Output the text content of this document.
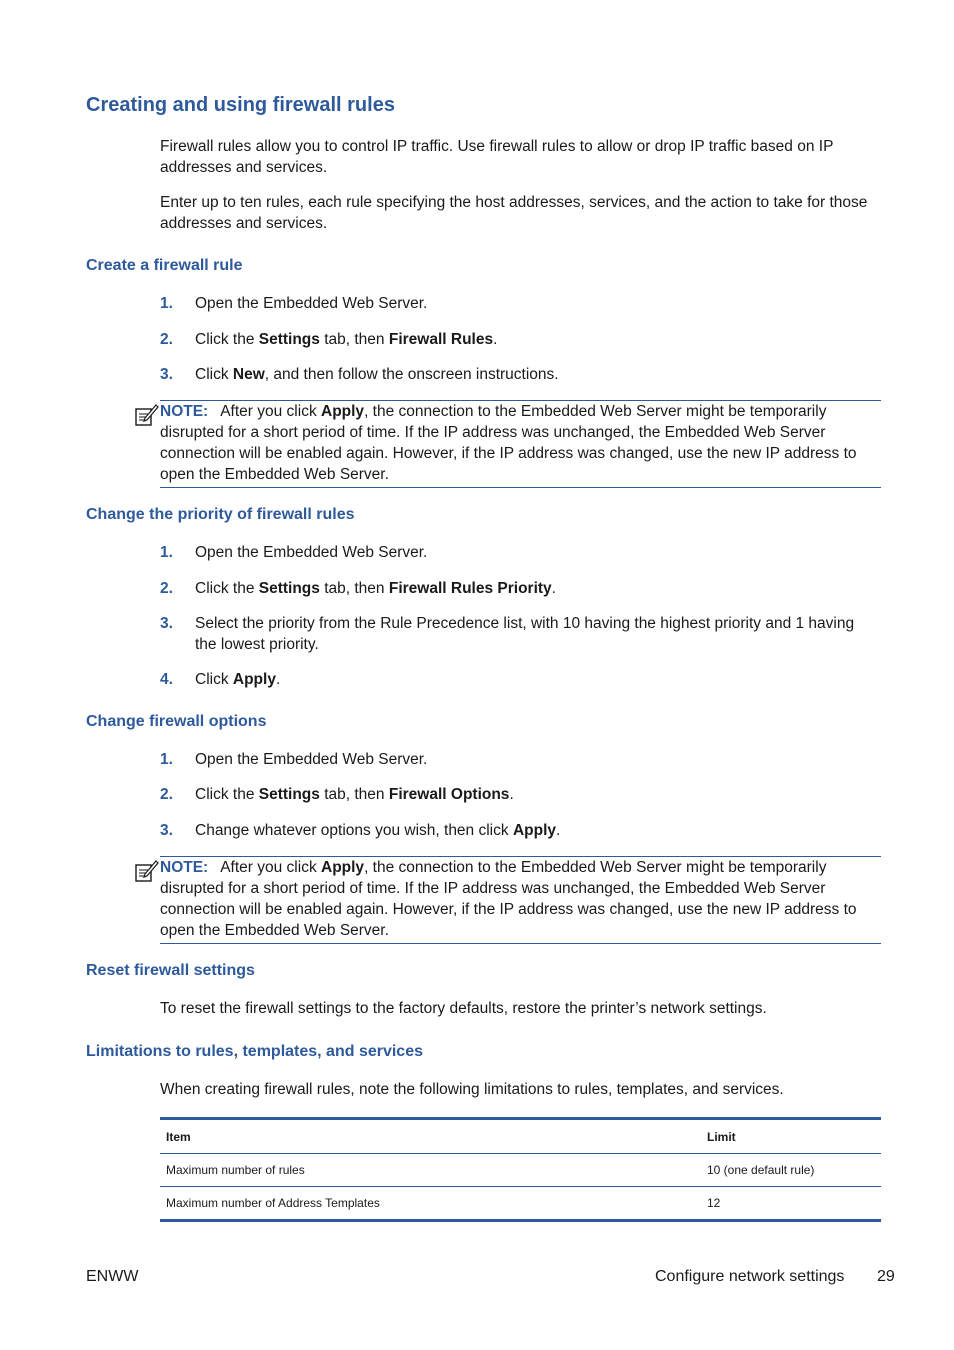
Creating and using firewall rules

Firewall rules allow you to control IP traffic. Use firewall rules to allow or drop IP traffic based on IP addresses and services.

Enter up to ten rules, each rule specifying the host addresses, services, and the action to take for those addresses and services.

Create a firewall rule
1. Open the Embedded Web Server.
2. Click the Settings tab, then Firewall Rules.
3. Click New, and then follow the onscreen instructions.
NOTE: After you click Apply, the connection to the Embedded Web Server might be temporarily disrupted for a short period of time. If the IP address was unchanged, the Embedded Web Server connection will be enabled again. However, if the IP address was changed, use the new IP address to open the Embedded Web Server.
Change the priority of firewall rules
1. Open the Embedded Web Server.
2. Click the Settings tab, then Firewall Rules Priority.
3. Select the priority from the Rule Precedence list, with 10 having the highest priority and 1 having the lowest priority.
4. Click Apply.
Change firewall options
1. Open the Embedded Web Server.
2. Click the Settings tab, then Firewall Options.
3. Change whatever options you wish, then click Apply.
NOTE: After you click Apply, the connection to the Embedded Web Server might be temporarily disrupted for a short period of time. If the IP address was unchanged, the Embedded Web Server connection will be enabled again. However, if the IP address was changed, use the new IP address to open the Embedded Web Server.
Reset firewall settings

To reset the firewall settings to the factory defaults, restore the printer’s network settings.

Limitations to rules, templates, and services

When creating firewall rules, note the following limitations to rules, templates, and services.

Item	Limit
Maximum number of rules	10 (one default rule)
Maximum number of Address Templates	12
ENWW	Configure network settings 29
